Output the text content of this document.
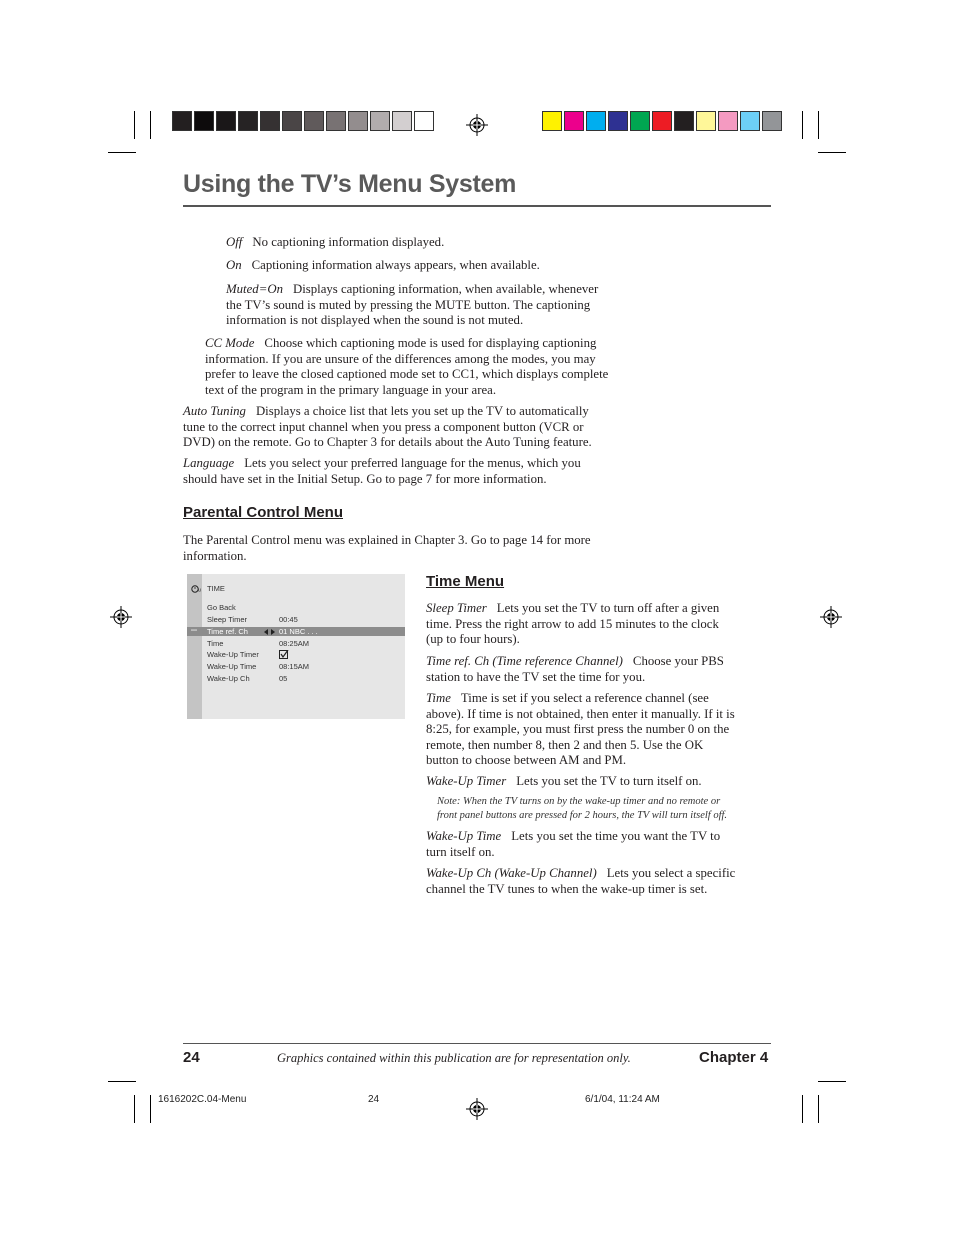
Using the TV’s Menu System
Off No captioning information displayed.
On Captioning information always appears, when available.
Muted=On Displays captioning information, when available, whenever
the TV’s sound is muted by pressing the MUTE button. The captioning
information is not displayed when the sound is not muted.
CC Mode Choose which captioning mode is used for displaying captioning
information. If you are unsure of the differences among the modes, you may
prefer to leave the closed captioned mode set to CC1, which displays complete
text of the program in the primary language in your area.
Auto Tuning Displays a choice list that lets you set up the TV to automatically
tune to the correct input channel when you press a component button (VCR or
DVD) on the remote. Go to Chapter 3 for details about the Auto Tuning feature.
Language Lets you select your preferred language for the menus, which you
should have set in the Initial Setup. Go to page 7 for more information.
Parental Control Menu
The Parental Control menu was explained in Chapter 3. Go to page 14 for more
information.
u TIME
Go Back
Sleep Timer	00:45
▬ Time ref. Ch	01 NBC . . .
Time	08:25AM
Wake-Up Timer
Wake-Up Time	08:15AM
Wake-Up Ch	05
Time Menu
Sleep Timer Lets you set the TV to turn off after a given
time. Press the right arrow to add 15 minutes to the clock
(up to four hours).
Time ref. Ch (Time reference Channel) Choose your PBS
station to have the TV set the time for you.
Time Time is set if you select a reference channel (see
above). If time is not obtained, then enter it manually. If it is
8:25, for example, you must first press the number 0 on the
remote, then number 8, then 2 and then 5. Use the OK
button to choose between AM and PM.
Wake-Up Timer Lets you set the TV to turn itself on.
Note: When the TV turns on by the wake-up timer and no remote or
front panel buttons are pressed for 2 hours, the TV will turn itself off.
Wake-Up Time Lets you set the time you want the TV to
turn itself on.
Wake-Up Ch (Wake-Up Channel) Lets you select a specific
channel the TV tunes to when the wake-up timer is set.
24	Graphics contained within this publication are for representation only.	Chapter 4
1616202C.04-Menu	24	6/1/04, 11:24 AM
